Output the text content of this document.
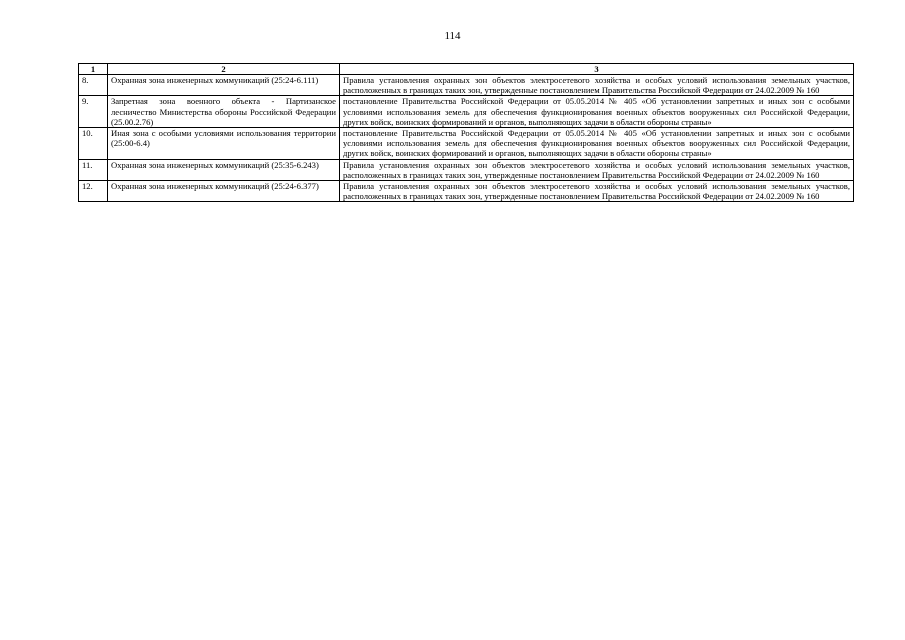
114
1	2	3
8.	Охранная зона инженерных коммуникаций (25:24-6.111)	Правила установления охранных зон объектов электросетевого хозяйства и особых условий использования земельных участков, расположенных в границах таких зон, утвержденные постановлением Правительства Российской Федерации от 24.02.2009 № 160
9.	Запретная зона военного объекта - Партизанское лесничество Министерства обороны Российской Федерации (25.00.2.76)	постановление Правительства Российской Федерации от 05.05.2014 № 405 «Об установлении запретных и иных зон с особыми условиями использования земель для обеспечения функционирования военных объектов вооруженных сил Российской Федерации, других войск, воинских формирований и органов, выполняющих задачи в области обороны страны»
10.	Иная зона с особыми условиями использования территории (25:00-6.4)	постановление Правительства Российской Федерации от 05.05.2014 № 405 «Об установлении запретных и иных зон с особыми условиями использования земель для обеспечения функционирования военных объектов вооруженных сил Российской Федерации, других войск, воинских формирований и органов, выполняющих задачи в области обороны страны»
11.	Охранная зона инженерных коммуникаций (25:35-6.243)	Правила установления охранных зон объектов электросетевого хозяйства и особых условий использования земельных участков, расположенных в границах таких зон, утвержденные постановлением Правительства Российской Федерации от 24.02.2009 № 160
12.	Охранная зона инженерных коммуникаций (25:24-6.377)	Правила установления охранных зон объектов электросетевого хозяйства и особых условий использования земельных участков, расположенных в границах таких зон, утвержденные постановлением Правительства Российской Федерации от 24.02.2009 № 160
